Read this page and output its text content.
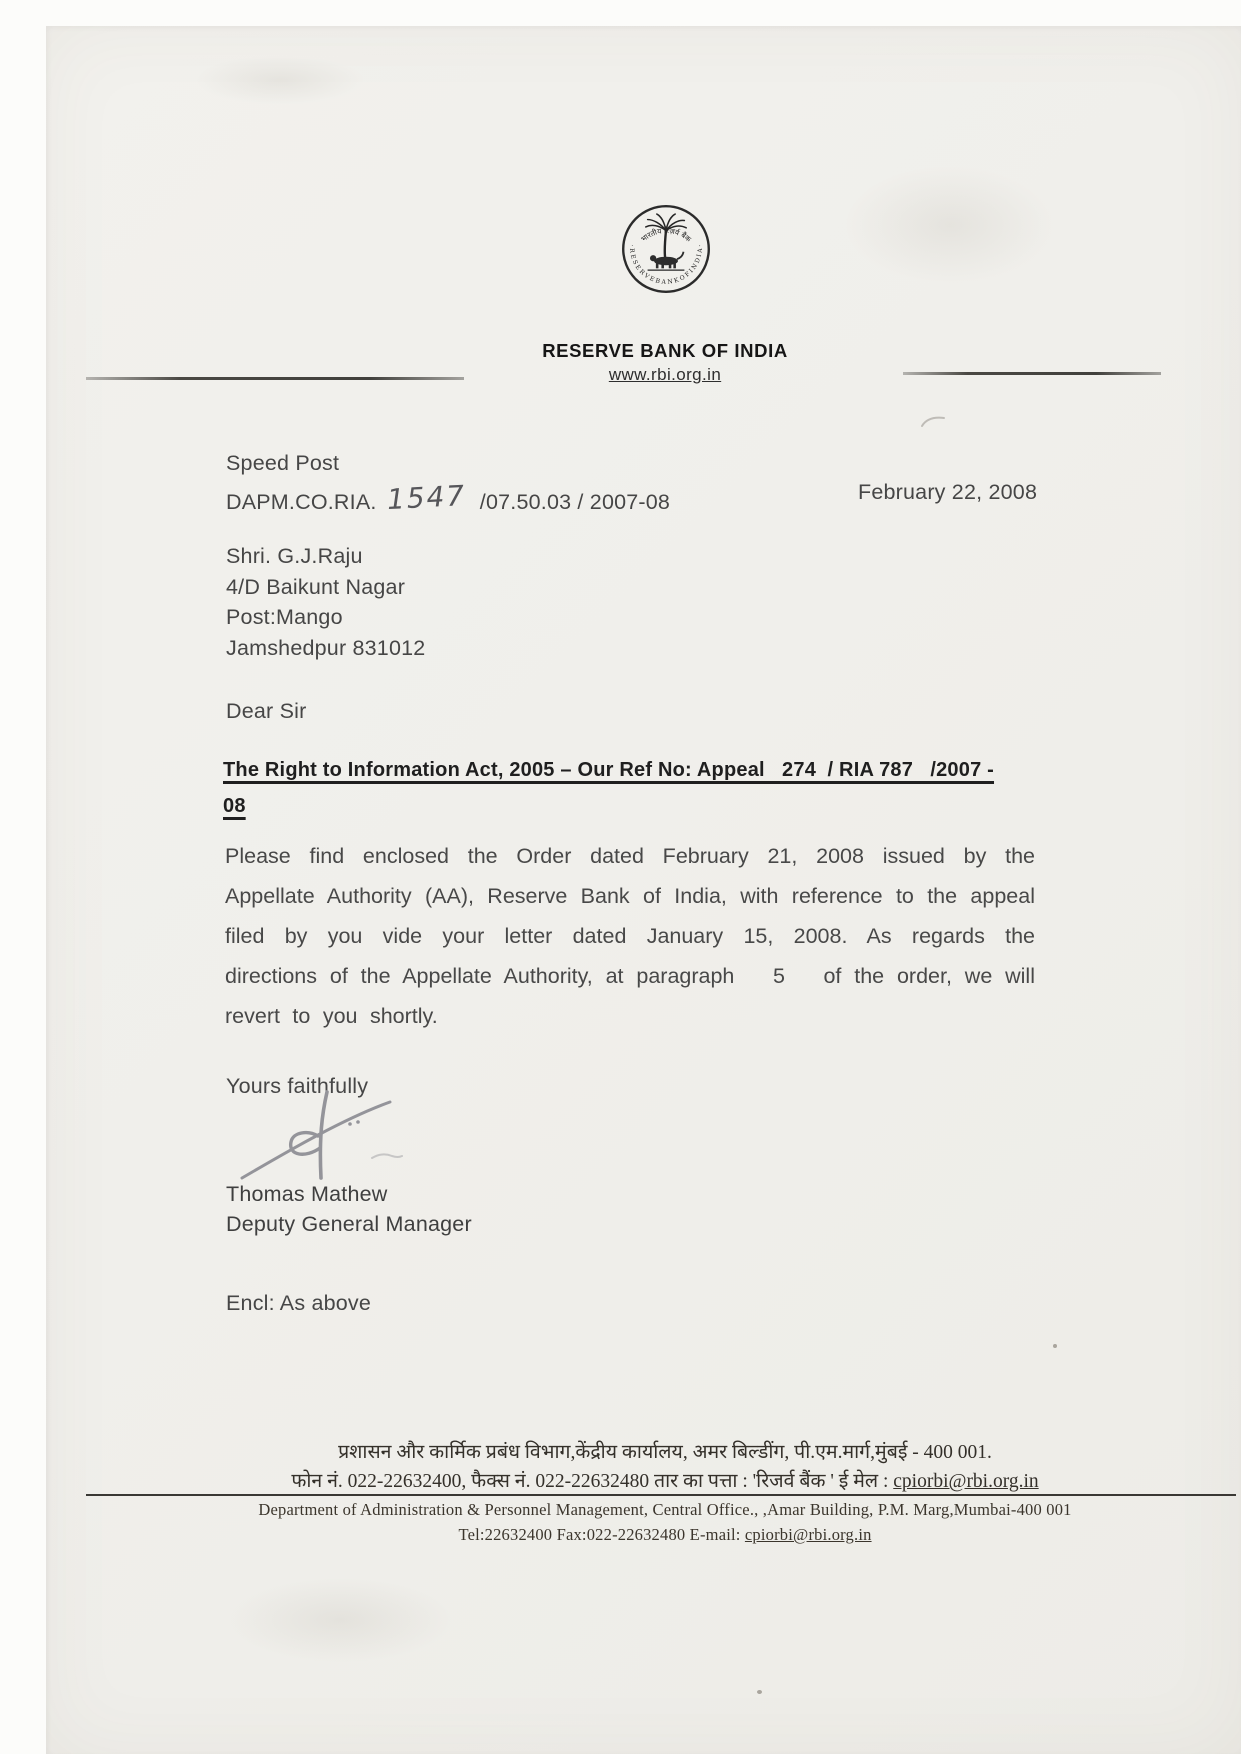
भारतीय रिज़र्व बैंक
· R E S E R V E B A N K O F I N D I A ·
RESERVE BANK OF INDIA
www.rbi.org.in
Speed Post
DAPM.CO.RIA. 1547 /07.50.03 / 2007-08	February 22, 2008
Shri. G.J.Raju
4/D Baikunt Nagar
Post:Mango
Jamshedpur 831012
Dear Sir
The Right to Information Act, 2005 – Our Ref No: Appeal   274  / RIA 787   /2007 -
08
Please find enclosed the Order dated February 21, 2008 issued by the Appellate Authority (AA), Reserve Bank of India, with reference to the appeal filed by you vide your letter dated January 15, 2008. As regards the directions of the Appellate Authority, at paragraph   5   of the order, we will revert to you shortly.
Yours faithfully
Thomas Mathew
Deputy General Manager
Encl: As above
प्रशासन और कार्मिक प्रबंध विभाग,केंद्रीय कार्यालय, अमर बिल्डींग, पी.एम.मार्ग,मुंबई - 400 001.
फोन नं. 022-22632400, फैक्स नं. 022-22632480 तार का पत्ता : 'रिजर्व बैंक ' ई मेल : cpiorbi@rbi.org.in
Department of Administration & Personnel Management, Central Office., ,Amar Building, P.M. Marg,Mumbai-400 001
Tel:22632400 Fax:022-22632480 E-mail: cpiorbi@rbi.org.in
